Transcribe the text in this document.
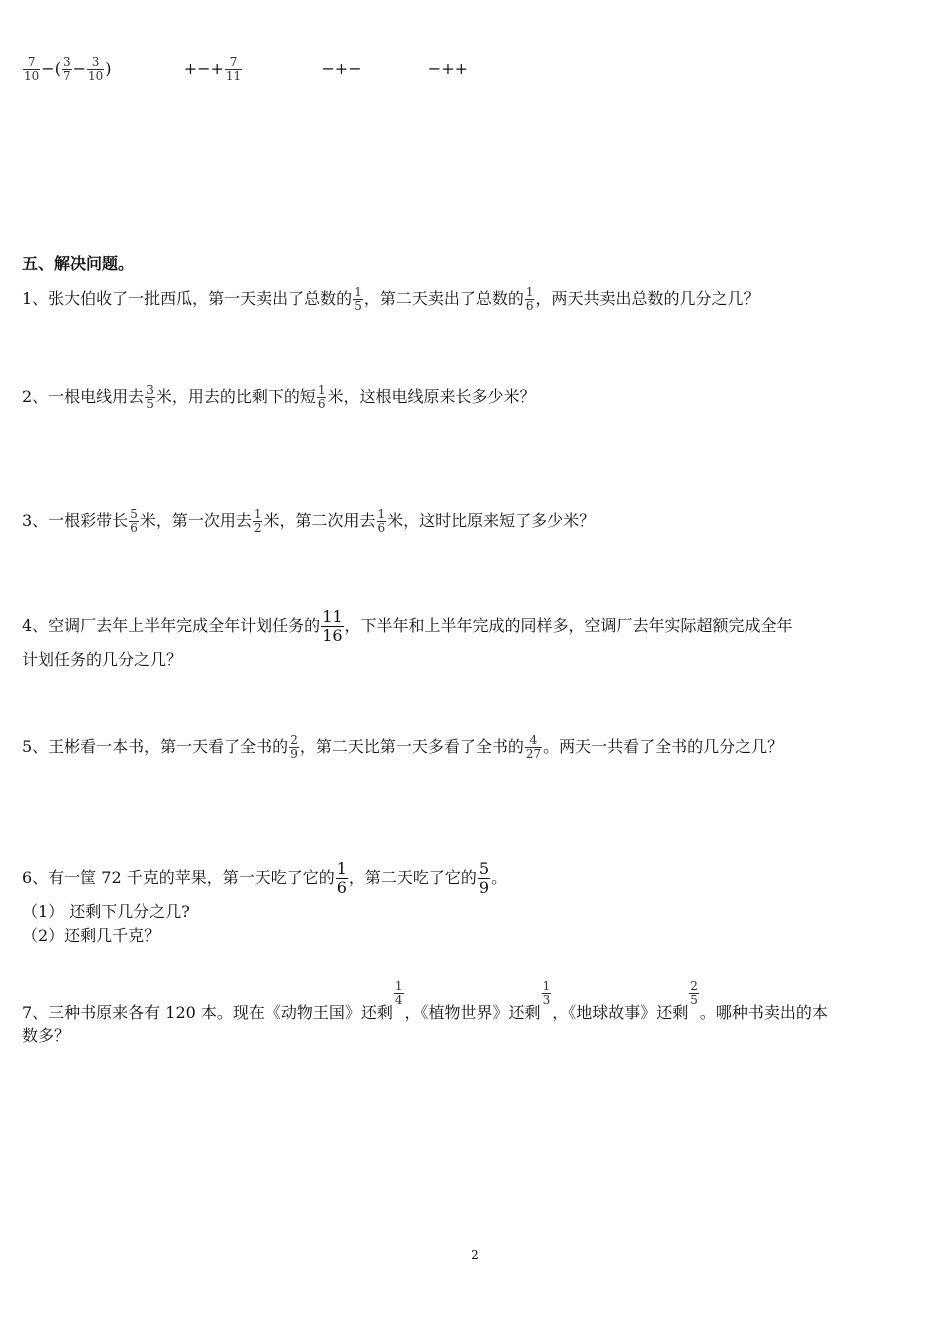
$\frac{7}{10}$ −( $\frac{3}{7} - \frac{3}{10}$ )	+−+ $\frac{7}{11}$	−+−	−++
五、解决问题。
1、张大伯收了一批西瓜，第一天卖出了总数的 $\frac{1}{5}$ ，第二天卖出了总数的 $\frac{1}{6}$ ，两天共卖出总数的几分之几？
2、一根电线用去 $\frac{3}{5}$ 米，用去的比剩下的短 $\frac{1}{6}$ 米，这根电线原来长多少米？
3、一根彩带长 $\frac{5}{6}$ 米，第一次用去 $\frac{1}{2}$ 米，第二次用去 $\frac{1}{6}$ 米，这时比原来短了多少米？
4、空调厂去年上半年完成全年计划任务的 $\frac{11}{16}$ ，下半年和上半年完成的同样多，空调厂去年实际超额完成全年
计划任务的几分之几？
5、王彬看一本书，第一天看了全书的 $\frac{2}{9}$ ，第二天比第一天多看了全书的 $\frac{4}{27}$ 。两天一共看了全书的几分之几？
6、有一筐 72 千克的苹果，第一天吃了它的 $\frac{1}{6}$ ，第二天吃了它的 $\frac{5}{9}$ 。
（1） 还剩下几分之几?
（2）还剩几千克？
7、三种书原来各有 120 本。现在《动物王国》还剩
$\frac{1}{4}$
，《植物世界》还剩
$\frac{1}{3}$
，《地球故事》还剩
$\frac{2}{5}$
。哪种书卖出的本
数多？
2
